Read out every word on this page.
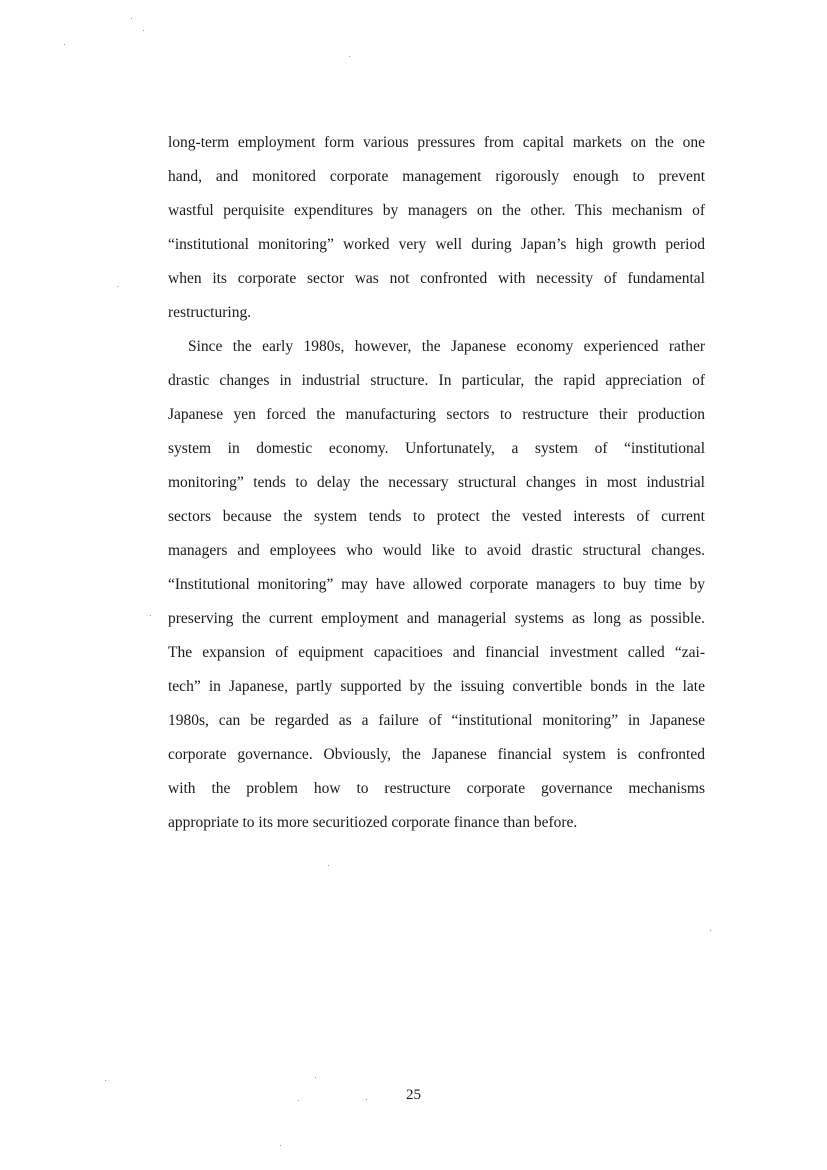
long-term employment form various pressures from capital markets on the one
hand, and monitored corporate management rigorously enough to prevent
wastful perquisite expenditures by managers on the other. This mechanism of
“institutional monitoring” worked very well during Japan’s high growth period
when its corporate sector was not confronted with necessity of fundamental
restructuring.
Since the early 1980s, however, the Japanese economy experienced rather
drastic changes in industrial structure. In particular, the rapid appreciation of
Japanese yen forced the manufacturing sectors to restructure their production
system in domestic economy. Unfortunately, a system of “institutional
monitoring” tends to delay the necessary structural changes in most industrial
sectors because the system tends to protect the vested interests of current
managers and employees who would like to avoid drastic structural changes.
“Institutional monitoring” may have allowed corporate managers to buy time by
preserving the current employment and managerial systems as long as possible.
The expansion of equipment capacitioes and financial investment called “zai-
tech” in Japanese, partly supported by the issuing convertible bonds in the late
1980s, can be regarded as a failure of “institutional monitoring” in Japanese
corporate governance. Obviously, the Japanese financial system is confronted
with the problem how to restructure corporate governance mechanisms
appropriate to its more securitiozed corporate finance than before.
25
